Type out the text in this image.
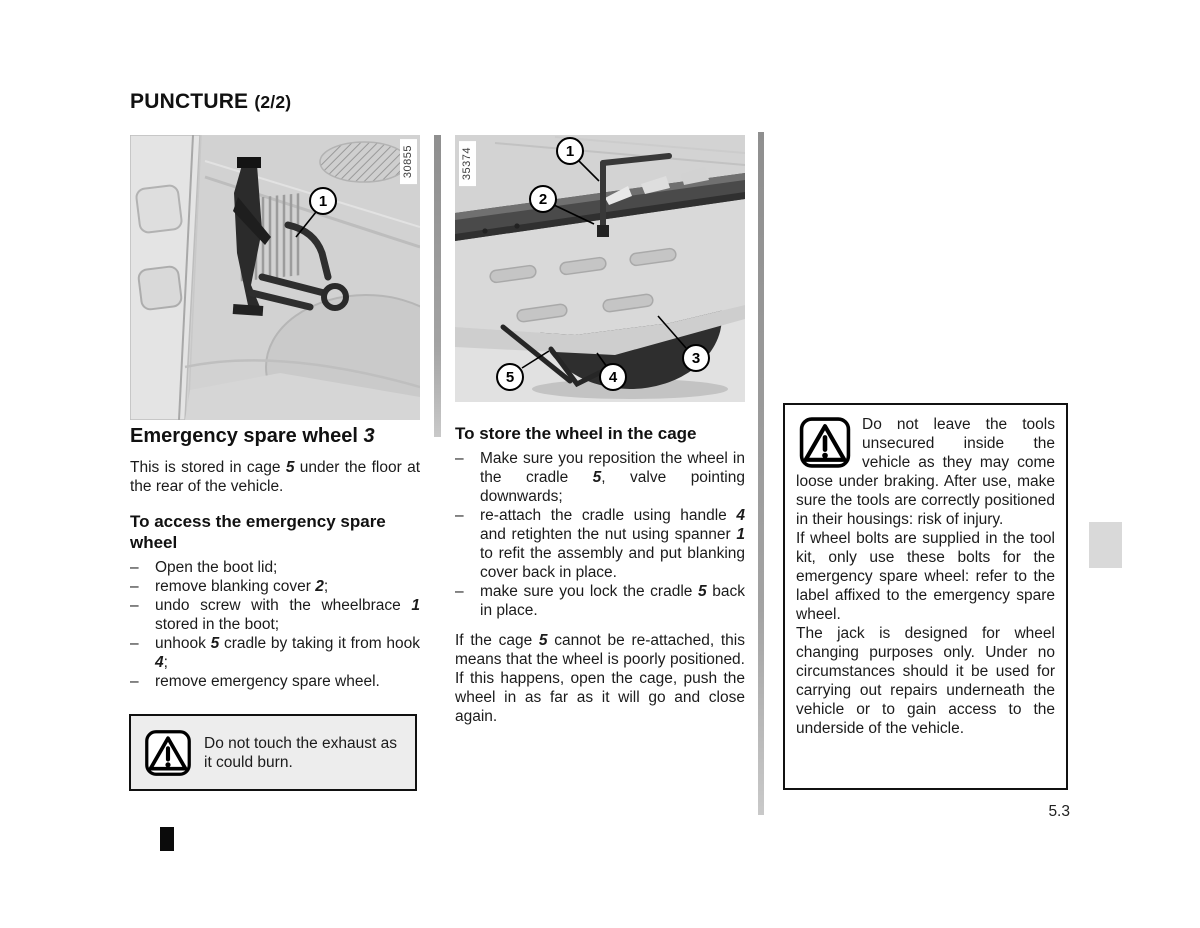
PUNCTURE (2/2)
1
30855	1
2
3
4
5
35374
Emergency spare wheel 3

This is stored in cage 5 under the floor at the rear of the vehicle.

To access the emergency spare wheel
– Open the boot lid;
– remove blanking cover 2;
– undo screw with the wheelbrace 1 stored in the boot;
– unhook 5 cradle by taking it from hook 4;
– remove emergency spare wheel.
To store the wheel in the cage
– Make sure you reposition the wheel in the cradle 5, valve pointing downwards;
– re-attach the cradle using handle 4 and retighten the nut using spanner 1 to refit the assembly and put blanking cover back in place.
– make sure you lock the cradle 5 back in place.

If the cage 5 cannot be re-attached, this means that the wheel is poorly positioned. If this happens, open the cage, push the wheel in as far as it will go and close again.

Do not leave the tools unsecured inside the vehicle as they may come loose under braking. After use, make sure the tools are correctly positioned in their housings: risk of injury.

If wheel bolts are supplied in the tool kit, only use these bolts for the emergency spare wheel: refer to the label affixed to the emergency spare wheel.

The jack is designed for wheel changing purposes only. Under no circumstances should it be used for carrying out repairs underneath the vehicle or to gain access to the underside of the vehicle.

Do not touch the exhaust as it could burn.

5.3
